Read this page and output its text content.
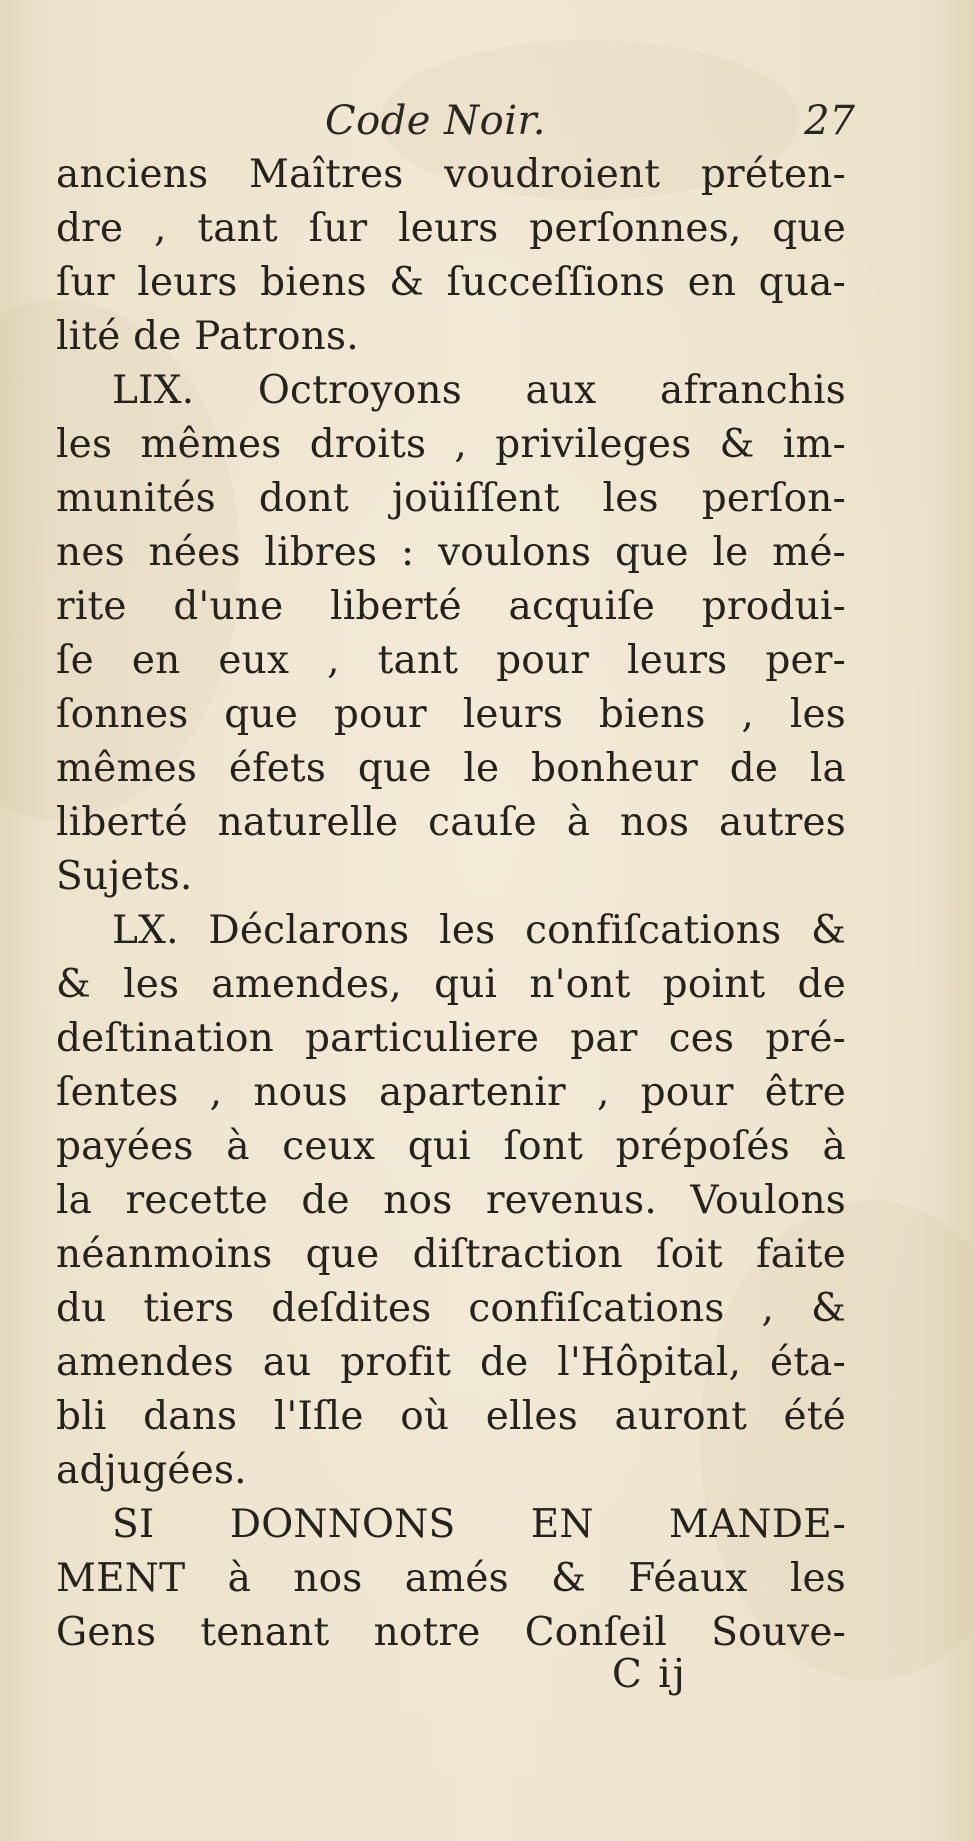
Code Noir.	27
anciens Maîtres voudroient préten-
dre , tant ſur leurs perſonnes, que
ſur leurs biens & ſucceſſions en qua-
lité de Patrons.
LIX. Octroyons aux afranchis
les mêmes droits , privileges & im-
munités dont joüiſſent les perſon-
nes nées libres : voulons que le mé-
rite d'une liberté acquiſe produi-
ſe en eux , tant pour leurs per-
ſonnes que pour leurs biens , les
mêmes éfets que le bonheur de la
liberté naturelle cauſe à nos autres
Sujets.
LX. Déclarons les confiſcations &
& les amendes, qui n'ont point de
deſtination particuliere par ces pré-
ſentes , nous apartenir , pour être
payées à ceux qui ſont prépoſés à
la recette de nos revenus. Voulons
néanmoins que diſtraction ſoit faite
du tiers deſdites confiſcations , &
amendes au profit de l'Hôpital, éta-
bli dans l'Iſle où elles auront été
adjugées.
SI DONNONS EN MANDE-
MENT à nos amés & Féaux les
Gens tenant notre Conſeil Souve-
C ij
